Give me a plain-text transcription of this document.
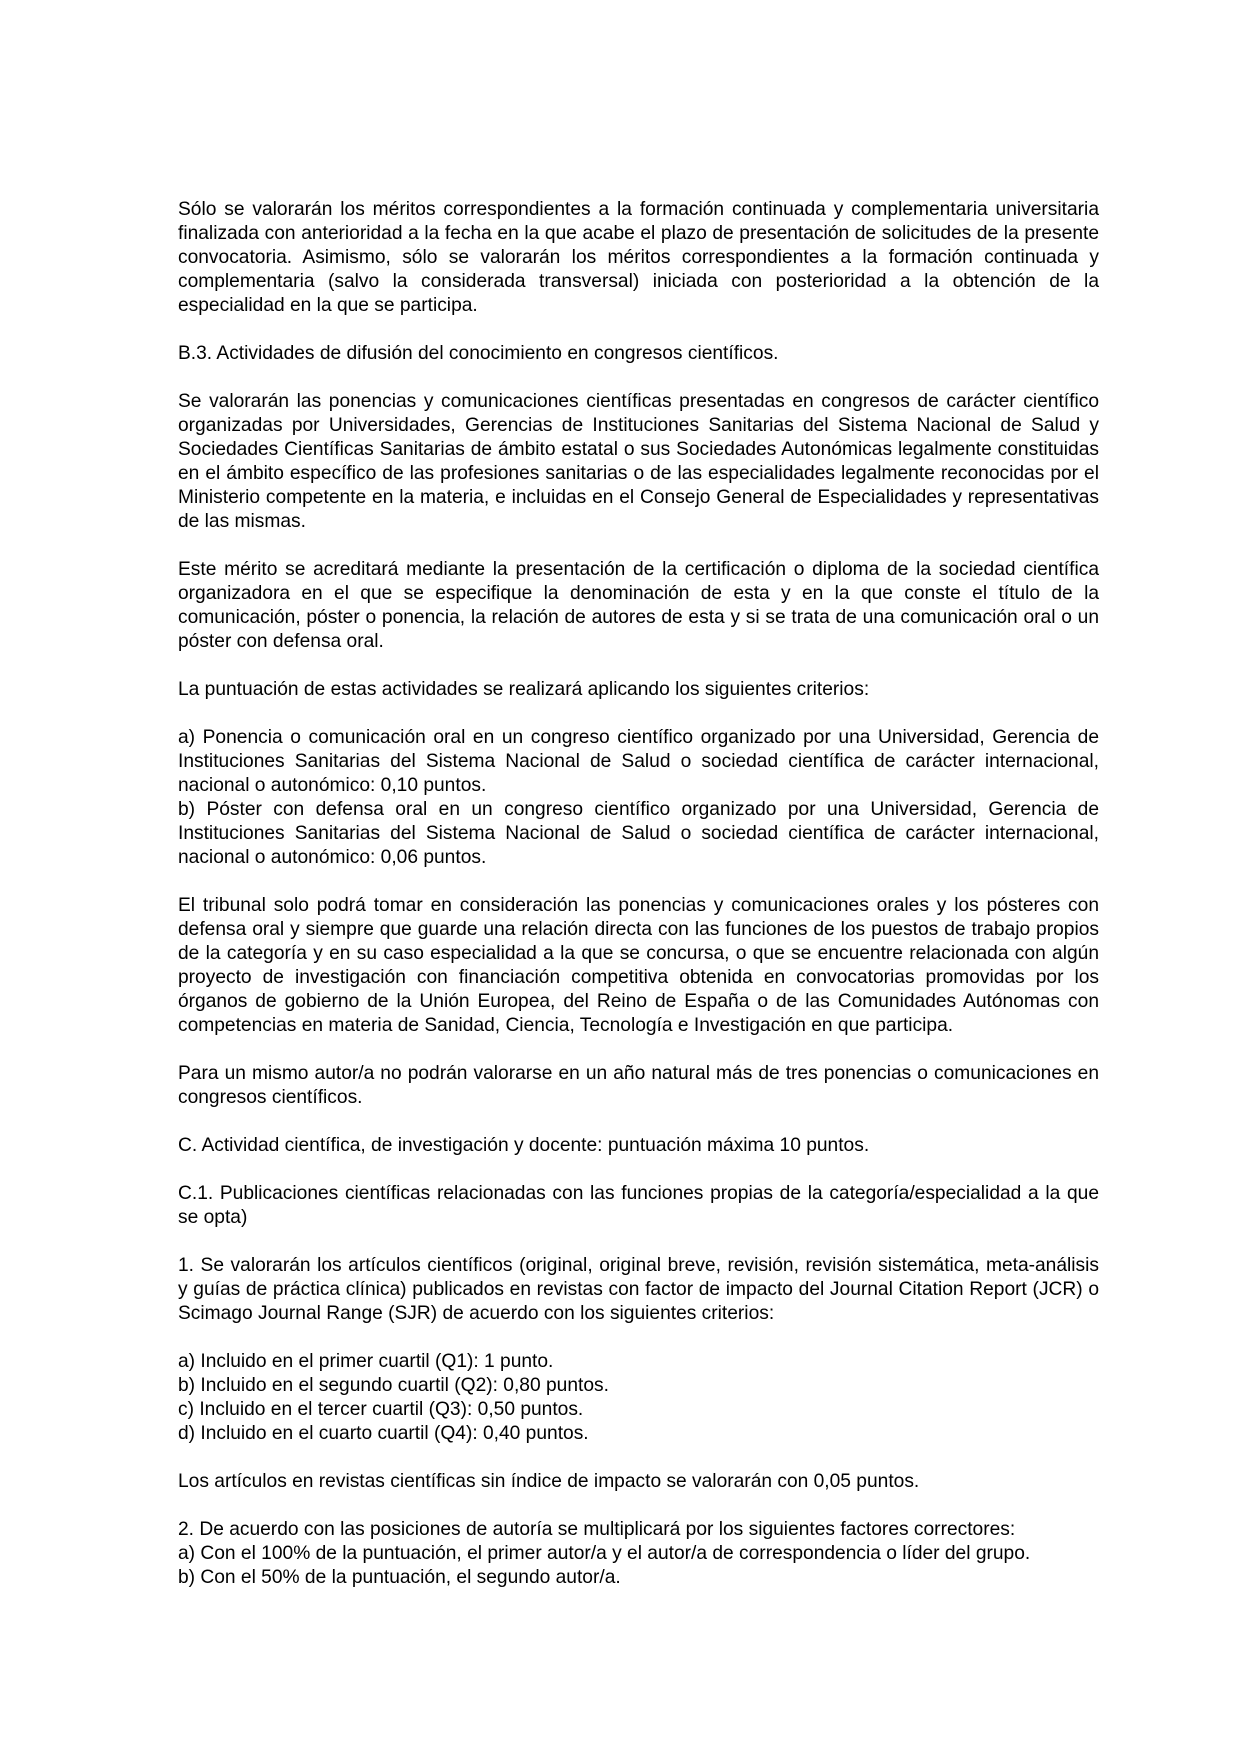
Sólo se valorarán los méritos correspondientes a la formación continuada y complementaria universitaria finalizada con anterioridad a la fecha en la que acabe el plazo de presentación de solicitudes de la presente convocatoria. Asimismo, sólo se valorarán los méritos correspondientes a la formación continuada y complementaria (salvo la considerada transversal) iniciada con posterioridad a la obtención de la especialidad en la que se participa.

B.3. Actividades de difusión del conocimiento en congresos científicos.

Se valorarán las ponencias y comunicaciones científicas presentadas en congresos de carácter científico organizadas por Universidades, Gerencias de Instituciones Sanitarias del Sistema Nacional de Salud y Sociedades Científicas Sanitarias de ámbito estatal o sus Sociedades Autonómicas legalmente constituidas en el ámbito específico de las profesiones sanitarias o de las especialidades legalmente reconocidas por el Ministerio competente en la materia, e incluidas en el Consejo General de Especialidades y representativas de las mismas.

Este mérito se acreditará mediante la presentación de la certificación o diploma de la sociedad científica organizadora en el que se especifique la denominación de esta y en la que conste el título de la comunicación, póster o ponencia, la relación de autores de esta y si se trata de una comunicación oral o un póster con defensa oral.

La puntuación de estas actividades se realizará aplicando los siguientes criterios:

a) Ponencia o comunicación oral en un congreso científico organizado por una Universidad, Gerencia de Instituciones Sanitarias del Sistema Nacional de Salud o sociedad científica de carácter internacional, nacional o autonómico: 0,10 puntos.

b) Póster con defensa oral en un congreso científico organizado por una Universidad, Gerencia de Instituciones Sanitarias del Sistema Nacional de Salud o sociedad científica de carácter internacional, nacional o autonómico: 0,06 puntos.

El tribunal solo podrá tomar en consideración las ponencias y comunicaciones orales y los pósteres con defensa oral y siempre que guarde una relación directa con las funciones de los puestos de trabajo propios de la categoría y en su caso especialidad a la que se concursa, o que se encuentre relacionada con algún proyecto de investigación con financiación competitiva obtenida en convocatorias promovidas por los órganos de gobierno de la Unión Europea, del Reino de España o de las Comunidades Autónomas con competencias en materia de Sanidad, Ciencia, Tecnología e Investigación en que participa.

Para un mismo autor/a no podrán valorarse en un año natural más de tres ponencias o comunicaciones en congresos científicos.

C. Actividad científica, de investigación y docente: puntuación máxima 10 puntos.

C.1. Publicaciones científicas relacionadas con las funciones propias de la categoría/especialidad a la que se opta)

1. Se valorarán los artículos científicos (original, original breve, revisión, revisión sistemática, meta-análisis y guías de práctica clínica) publicados en revistas con factor de impacto del Journal Citation Report (JCR) o Scimago Journal Range (SJR) de acuerdo con los siguientes criterios:

a) Incluido en el primer cuartil (Q1): 1 punto.

b) Incluido en el segundo cuartil (Q2): 0,80 puntos.

c) Incluido en el tercer cuartil (Q3): 0,50 puntos.

d) Incluido en el cuarto cuartil (Q4): 0,40 puntos.

Los artículos en revistas científicas sin índice de impacto se valorarán con 0,05 puntos.

2. De acuerdo con las posiciones de autoría se multiplicará por los siguientes factores correctores:

a) Con el 100% de la puntuación, el primer autor/a y el autor/a de correspondencia o líder del grupo.

b) Con el 50% de la puntuación, el segundo autor/a.
